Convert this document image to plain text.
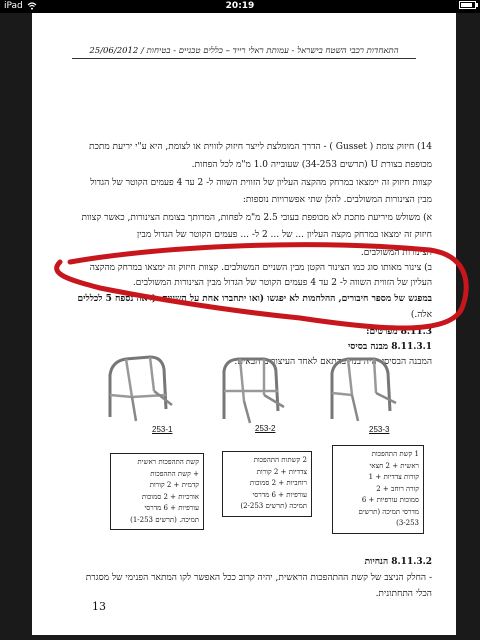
iPad	20:19
התאחדות רכבי השטח בישראל - עמותת ראלי רייד – כללים טכניים - בטיחות / 25/06/2012
14) חיזוק צומת ( Gusset ) - הדרך המומלצת לייצר חיזוק לזווית או לצומת, היא ע"י יריעת מתכת
מכופפת בצורת U (תרשים 34-253) שעובייה 1.0 מ"מ לכל הפחות.
קצוות חיזוק זה יימצאו במרחק מהקצה העליון של הזווית השווה ל- 2 עד 4 פעמים הקוטר של הגדול
מבין הצינורות המשולבים. להלן שתי אפשרויות נוספות:
א) משולש מיריעת מתכת לא מכופפת בעובי 2.5 מ"מ לפחות, המרותך בצומת הצינורות, כאשר קצוות
חיזוק זה ימצאו במרחק מקצה העליון ... של ... 2 ל- ... פעמים הקוטר של הגדול מבין
הצינורות המשולבים.
ב) צינור מאותו סוג כמו הצינור הקטן מבין השניים המשולבים. קצוות חיזוק זה ימצאו במרחק מהקצה
העליון של הזווית השווה ל- 2 עד 4 פעמים הקוטר של הגדול מבין הצינורות המשולבים.
במפגש של מספר חיבורים, ההלחמות לא יפגשו (ואו יתחברו אחת על השנייה. (ראה נספח 5 לכללים
אלה.)
8.11.3 מפרטים:
8.11.3.1 מבנה בסיסי
המבנה הבסיסי יהיה בנוי בהתאם לאחד העיצובים הבאים:
253-1	253-2	253-3
קשת התהפכות ראשית
+ קשת התהפכות
קדמית + 2 קורות
אורכיות + 2 סמוכות
עורפיות + 6 מדרסי
תמיכה. (תרשים 1-253)
2 קשתות התהפכות
צדדיות + 2 קורות
רוחביות + 2 סמוכות
עורפיות + 6 מדרסי
תמיכה (תרשים 2-253)
1 קשת התהפכות
ראשית + 2 חצאי
קורות צדדיות + 1
קורה רוחב + 2
סמוכות עורפיות + 6
מדרסי תמיכה (תרשים
3-253)
8.11.3.2 הנחיות
- החלק הניצב של קשת ההתהפכות הראשית, יהיה קרוב ככל האפשר לקו המתאר הפנימי של מסגרת
הכלי התחתונית.
13
